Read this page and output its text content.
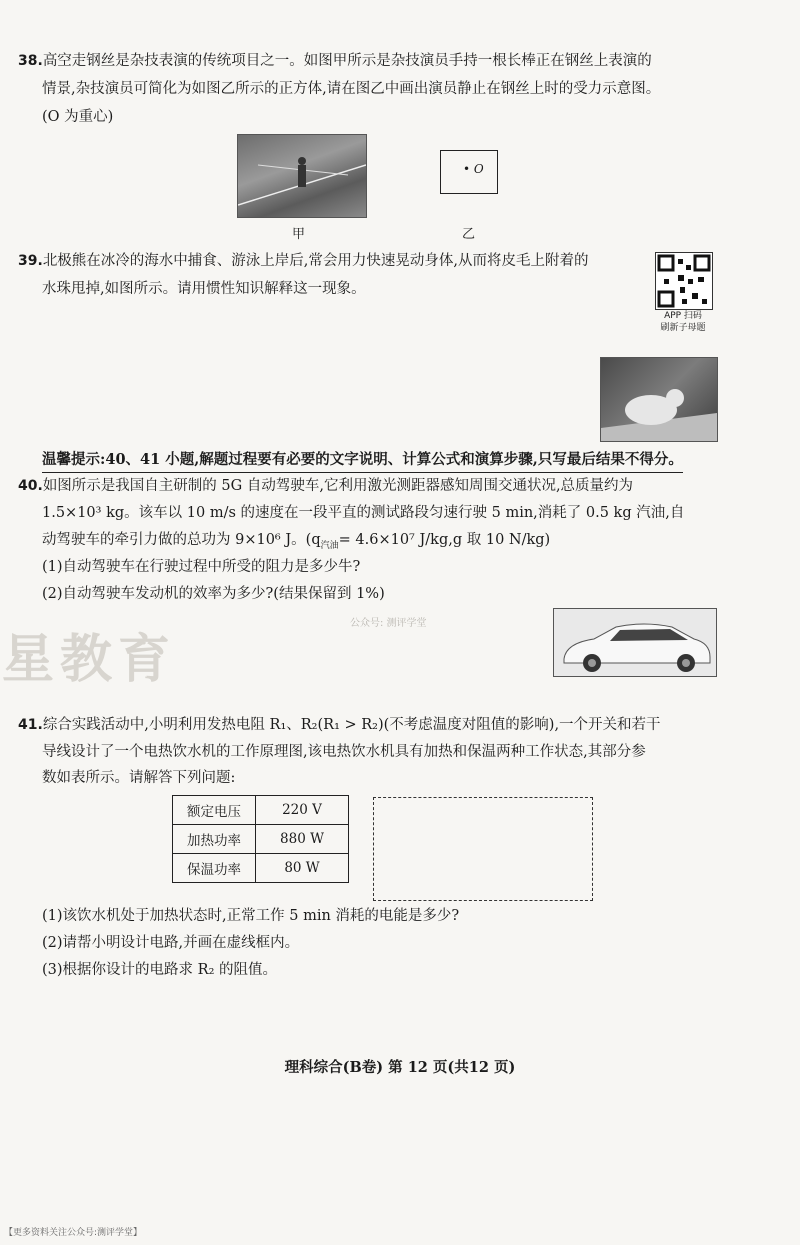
38.高空走钢丝是杂技表演的传统项目之一。如图甲所示是杂技演员手持一根长棒正在钢丝上表演的
情景,杂技演员可简化为如图乙所示的正方体,请在图乙中画出演员静止在钢丝上时的受力示意图。
(O 为重心)
甲
• O
乙
39.北极熊在冰冷的海水中捕食、游泳上岸后,常会用力快速晃动身体,从而将皮毛上附着的
水珠甩掉,如图所示。请用惯性知识解释这一现象。
APP 扫码
刷新子母题
温馨提示:40、41 小题,解题过程要有必要的文字说明、计算公式和演算步骤,只写最后结果不得分。
40.如图所示是我国自主研制的 5G 自动驾驶车,它利用激光测距器感知周围交通状况,总质量约为
1.5×10³ kg。该车以 10 m/s 的速度在一段平直的测试路段匀速行驶 5 min,消耗了 0.5 kg 汽油,自
动驾驶车的牵引力做的总功为 9×10⁶ J。($q_{汽油}= 4.6\times 10^7$ J/kg,g 取 10 N/kg)
(1)自动驾驶车在行驶过程中所受的阻力是多少牛?
(2)自动驾驶车发动机的效率为多少?(结果保留到 1%)
星教育
公众号: 测评学堂
41.综合实践活动中,小明利用发热电阻 R₁、R₂(R₁ > R₂)(不考虑温度对阻值的影响),一个开关和若干
导线设计了一个电热饮水机的工作原理图,该电热饮水机具有加热和保温两种工作状态,其部分参
数如表所示。请解答下列问题:
额定电压	220 V
加热功率	880 W
保温功率	80 W
(1)该饮水机处于加热状态时,正常工作 5 min 消耗的电能是多少?
(2)请帮小明设计电路,并画在虚线框内。
(3)根据你设计的电路求 R₂ 的阻值。
理科综合(B卷) 第 12 页(共12 页)
【更多资料关注公众号:测评学堂】
